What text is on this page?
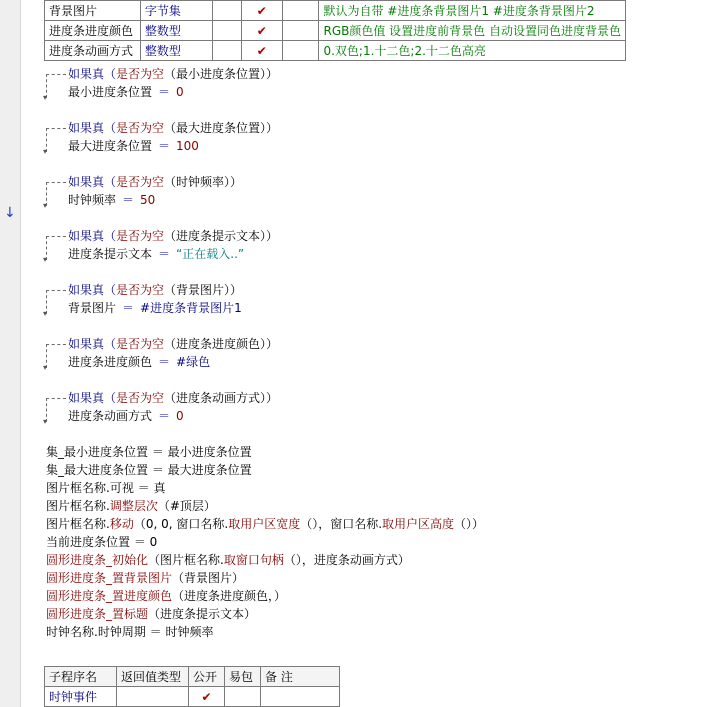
↓
背景图片	字节集		✔		默认为自带 #进度条背景图片1 #进度条背景图片2
进度条进度颜色	整数型		✔		RGB颜色值 设置进度前背景色 自动设置同色进度背景色
进度条动画方式	整数型		✔		0.双色;1.十二色;2.十二色高亮
▾
如果真（是否为空（最小进度条位置））
最小进度条位置 ＝ 0
▾
如果真（是否为空（最大进度条位置））
最大进度条位置 ＝ 100
▾
如果真（是否为空（时钟频率））
时钟频率 ＝ 50
▾
如果真（是否为空（进度条提示文本））
进度条提示文本 ＝ “正在载入..”
▾
如果真（是否为空（背景图片））
背景图片 ＝ #进度条背景图片1
▾
如果真（是否为空（进度条进度颜色））
进度条进度颜色 ＝ #绿色
▾
如果真（是否为空（进度条动画方式））
进度条动画方式 ＝ 0
集_最小进度条位置 ＝ 最小进度条位置
集_最大进度条位置 ＝ 最大进度条位置
图片框名称.可视 ＝ 真
图片框名称.调整层次（#顶层）
图片框名称.移动（0, 0, 窗口名称.取用户区宽度（），窗口名称.取用户区高度（））
当前进度条位置 ＝ 0
圆形进度条_初始化（图片框名称.取窗口句柄（），进度条动画方式）
圆形进度条_置背景图片（背景图片）
圆形进度条_置进度颜色（进度条进度颜色，）
圆形进度条_置标题（进度条提示文本）
时钟名称.时钟周期 ＝ 时钟频率
子程序名	返回值类型	公开	易包	备 注
时钟事件		✔		
